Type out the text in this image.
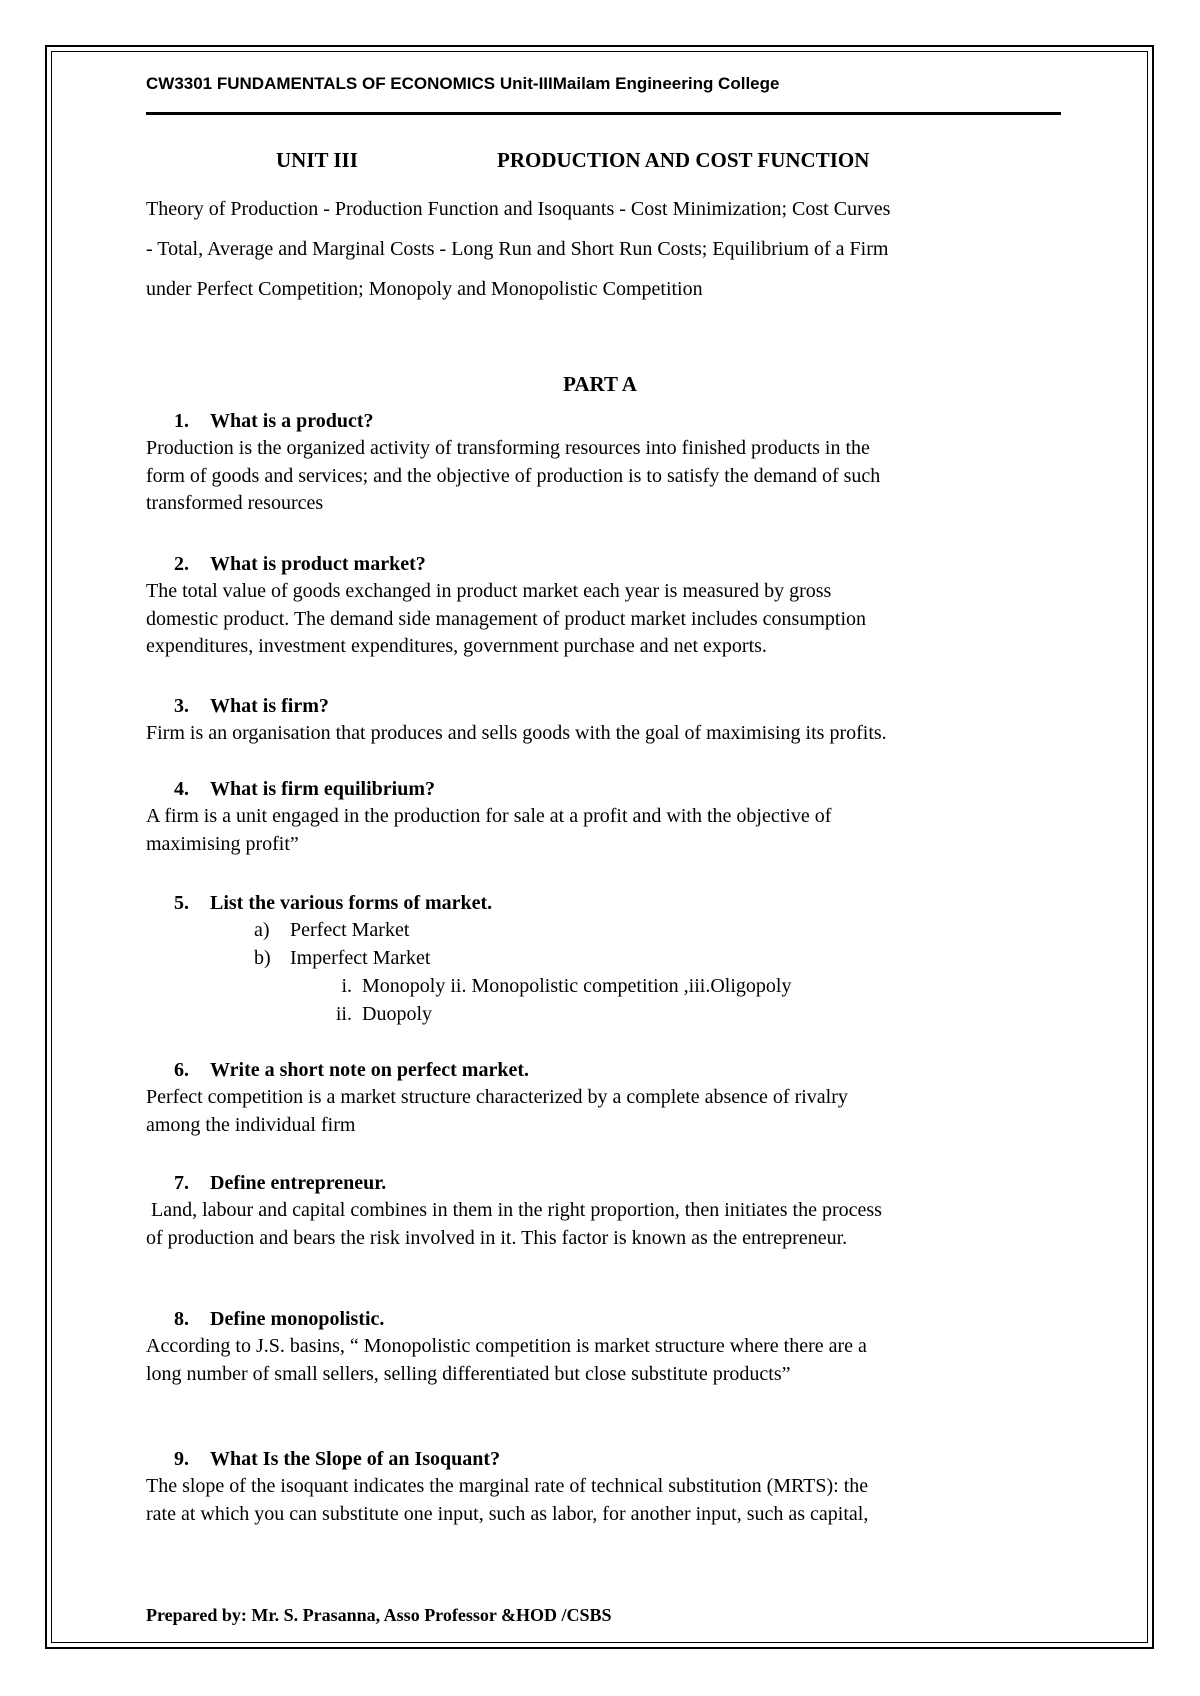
CW3301 FUNDAMENTALS OF ECONOMICS Unit-IIIMailam Engineering College
UNIT III	PRODUCTION AND COST FUNCTION
Theory of Production - Production Function and Isoquants - Cost Minimization; Cost Curves
- Total, Average and Marginal Costs - Long Run and Short Run Costs; Equilibrium of a Firm
under Perfect Competition; Monopoly and Monopolistic Competition
PART A
1. What is a product?
Production is the organized activity of transforming resources into finished products in the
form of goods and services; and the objective of production is to satisfy the demand of such
transformed resources
2. What is product market?
The total value of goods exchanged in product market each year is measured by gross
domestic product. The demand side management of product market includes consumption
expenditures, investment expenditures, government purchase and net exports.
3. What is firm?
Firm is an organisation that produces and sells goods with the goal of maximising its profits.
4. What is firm equilibrium?
A firm is a unit engaged in the production for sale at a profit and with the objective of
maximising profit”
5. List the various forms of market.
a) Perfect Market
b) Imperfect Market
i. Monopoly ii. Monopolistic competition ,iii.Oligopoly
ii. Duopoly
6. Write a short note on perfect market.
Perfect competition is a market structure characterized by a complete absence of rivalry
among the individual firm
7. Define entrepreneur.
Land, labour and capital combines in them in the right proportion, then initiates the process
of production and bears the risk involved in it. This factor is known as the entrepreneur.
8. Define monopolistic.
According to J.S. basins, “ Monopolistic competition is market structure where there are a
long number of small sellers, selling differentiated but close substitute products”
9. What Is the Slope of an Isoquant?
The slope of the isoquant indicates the marginal rate of technical substitution (MRTS): the
rate at which you can substitute one input, such as labor, for another input, such as capital,
Prepared by: Mr. S. Prasanna, Asso Professor &HOD /CSBS
